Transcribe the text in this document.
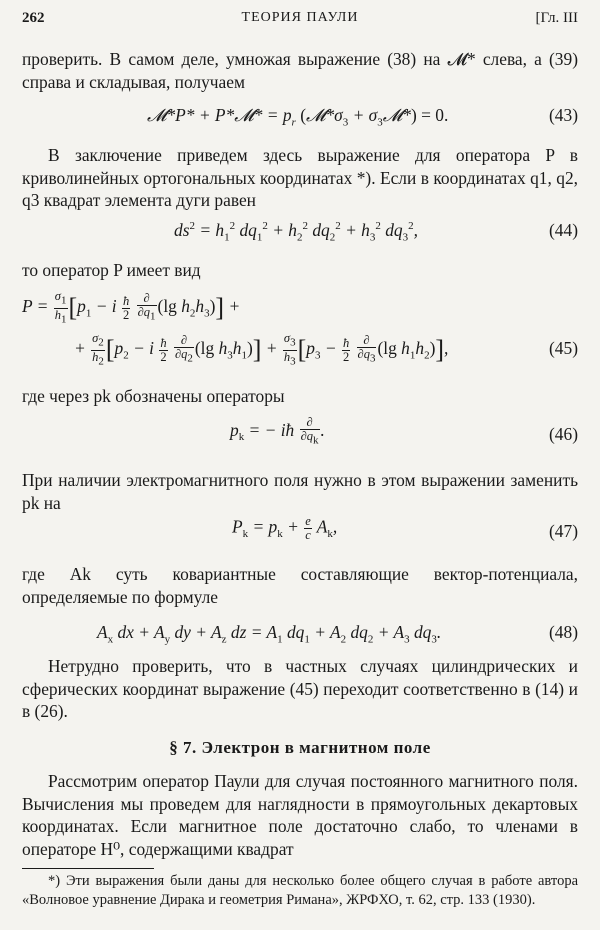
262	ТЕОРИЯ ПАУЛИ	[Гл. III

проверить. В самом деле, умножая выражение (38) на 𝓜* слева, а (39) справа и складывая, получаем

𝓜*P* + P*𝓜* = $p_r$ ($𝓜*\sigma_3$ + $\sigma_3𝓜*) = 0$.	(43)

В заключение приведем здесь выражение для оператора P в криволинейных ортогональных координатах *). Если в координатах q1, q2, q3 квадрат элемента дуги равен

$ds^2 = h_1^2$ $dq_1^2 + h_2^2$ $dq_2^2 + h_3^2$ $dq_3^2$,	(44)

то оператор P имеет вид

$P = \frac{\sigma_1}{h_1} [p_1 - i \frac{ħ}{2}$
$\frac{\partial}{\partial q_1} (\lg$ $h_2h_3$)] +
+ $\frac{\sigma_2}{h_2} [p_2 - i \frac{ħ}{2}$
$\frac{\partial}{\partial q_2} (\lg$ $h_3h_1)] + \frac{\sigma_3}{h_3} [p_3 - \frac{ħ}{2}$
$\frac{\partial}{\partial q_3} (\lg$ $h_1h_2$)],	(45)

где через pk обозначены операторы

$p_k$ = − iħ $\frac{\partial}{\partial q_k}$ .	(46)

При наличии электромагнитного поля нужно в этом выражении заменить pk на

$P_k = p_k + \frac{e}{c} A_k$,	(47)

где Ak суть ковариантные составляющие вектор-потенциала, определяемые по формуле

$A_x$ dx + $A_y$ dy + $A_z$ dz = $A_1$ $dq_1 + A_2$ $dq_2 + A_3$ $dq_3$.	(48)

Нетрудно проверить, что в частных случаях цилиндрических и сферических координат выражение (45) переходит соответственно в (14) и в (26).

§ 7. Электрон в магнитном поле

Рассмотрим оператор Паули для случая постоянного магнитного поля. Вычисления мы проведем для наглядности в прямоугольных декартовых координатах. Если магнитное поле достаточно слабо, то членами в операторе H⁰, содержащими квадрат

*) Эти выражения были даны для несколько более общего случая в работе автора «Волновое уравнение Дирака и геометрия Римана», ЖРФХО, т. 62, стр. 133 (1930).
